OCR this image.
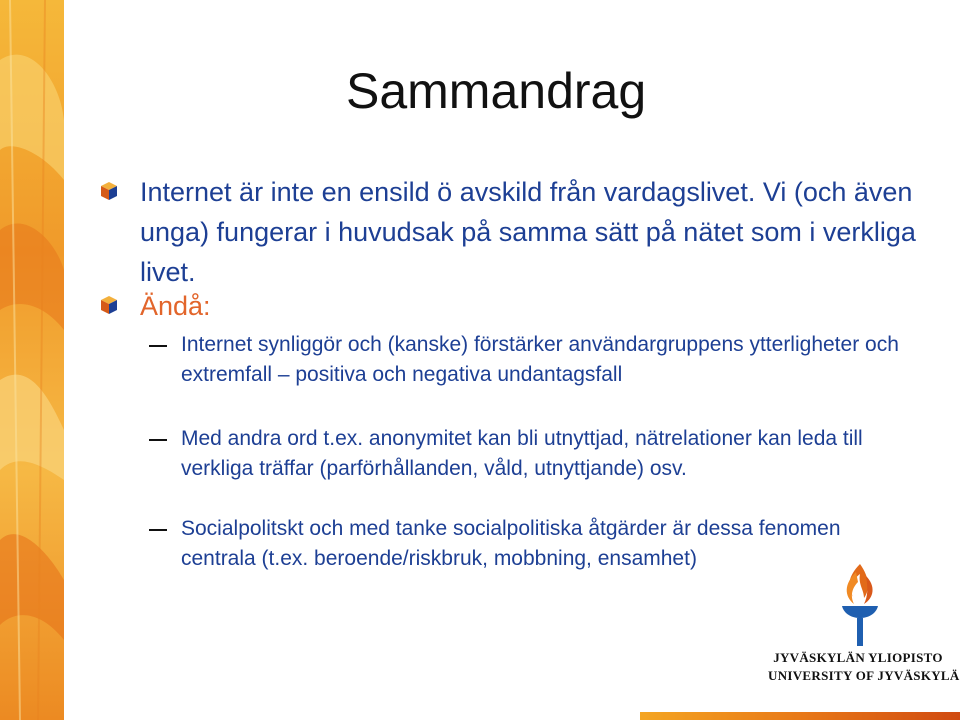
Sammandrag
Internet är inte en ensild ö avskild från vardagslivet. Vi (och även unga) fungerar i huvudsak på samma sätt på nätet som i verkliga livet.
Ändå:
Internet synliggör och (kanske) förstärker användargruppens ytterligheter och extremfall – positiva och negativa undantagsfall
Med andra ord t.ex. anonymitet kan bli utnyttjad, nätrelationer kan leda till verkliga träffar (parförhållanden, våld, utnyttjande) osv.
Socialpolitskt och med tanke socialpolitiska åtgärder är dessa fenomen centrala (t.ex. beroende/riskbruk, mobbning, ensamhet)
JYVÄSKYLÄN YLIOPISTO
UNIVERSITY OF JYVÄSKYLÄ
